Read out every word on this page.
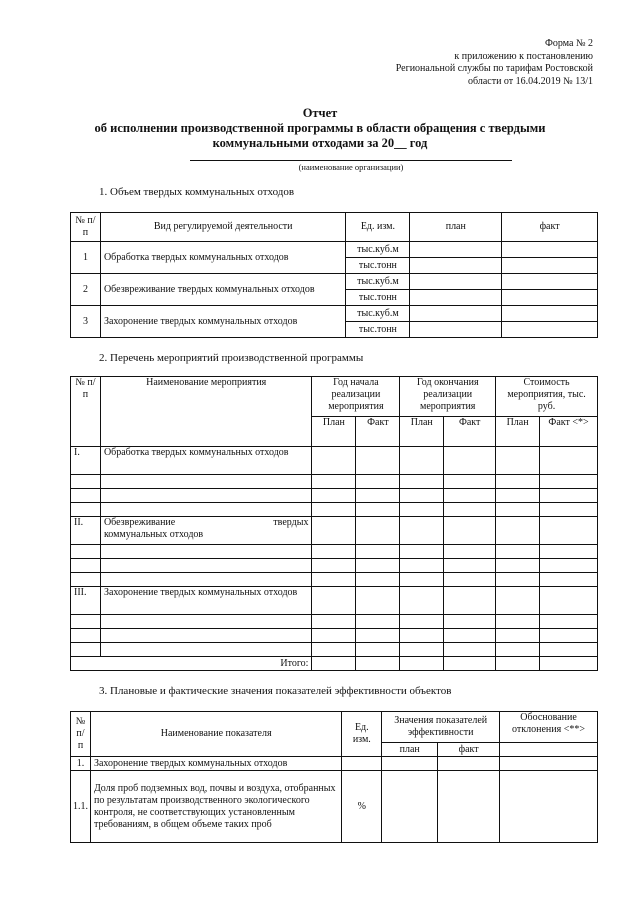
Форма № 2
к приложению к постановлению
Региональной службы по тарифам Ростовской
области от 16.04.2019 № 13/1
Отчет
об исполнении производственной программы в области обращения с твердыми
коммунальными отходами за 20__ год
(наименование организации)
1. Объем твердых коммунальных отходов
№ п/п	Вид регулируемой деятельности	Ед. изм.	план	факт
1	Обработка твердых коммунальных отходов	тыс.куб.м		
		тыс.тонн		
2	Обезвреживание твердых коммунальных отходов	тыс.куб.м		
		тыс.тонн		
3	Захоронение твердых коммунальных отходов	тыс.куб.м		
		тыс.тонн		
2. Перечень мероприятий производственной программы
№ п/п	Наименование мероприятия	Год начала реализации мероприятия		Год окончания реализации мероприятия		Стоимость мероприятия, тыс. руб.	
		План	Факт	План	Факт	План	Факт <*>
I.	Обработка твердых коммунальных отходов						

II.	Обезвреживание твердых
коммунальных отходов						

III.	Захоронение твердых коммунальных отходов						

Итого:							
3. Плановые и фактические значения показателей эффективности объектов
№ п/п	Наименование показателя	Ед. изм.	Значения показателей эффективности		Обоснование отклонения <**>
			план	факт	
1.	Захоронение твердых коммунальных отходов				
1.1.	Доля проб подземных вод, почвы и воздуха, отобранных по результатам производственного экологического контроля, не соответствующих установленным требованиям, в общем объеме таких проб	%			
